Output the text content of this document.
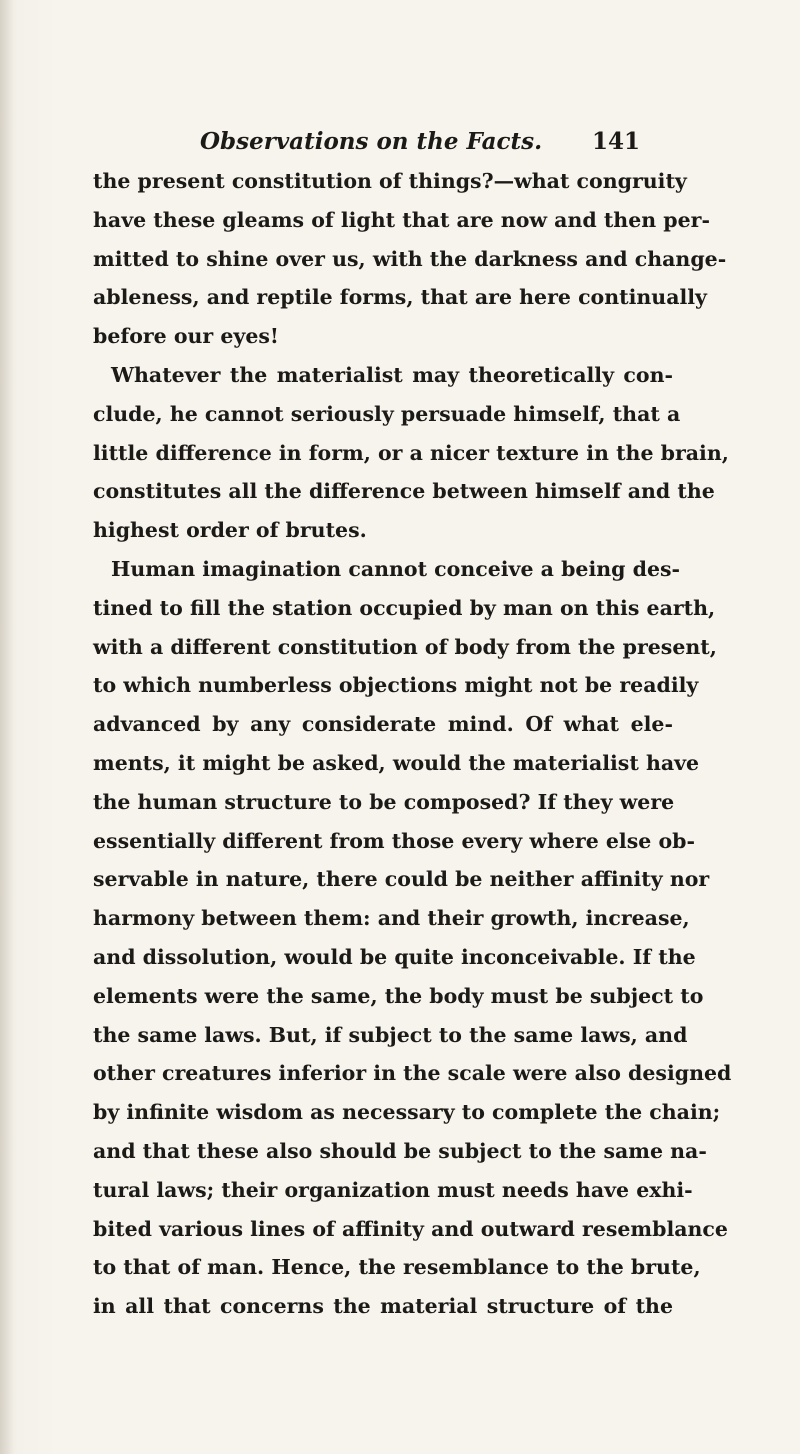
Observations on the Facts. 141
the present constitution of things?—what congruity
have these gleams of light that are now and then per-
mitted to shine over us, with the darkness and change-
ableness, and reptile forms, that are here continually
before our eyes!
Whatever the materialist may theoretically con-
clude, he cannot seriously persuade himself, that a
little difference in form, or a nicer texture in the brain,
constitutes all the difference between himself and the
highest order of brutes.
Human imagination cannot conceive a being des-
tined to fill the station occupied by man on this earth,
with a different constitution of body from the present,
to which numberless objections might not be readily
advanced by any considerate mind. Of what ele-
ments, it might be asked, would the materialist have
the human structure to be composed? If they were
essentially different from those every where else ob-
servable in nature, there could be neither affinity nor
harmony between them: and their growth, increase,
and dissolution, would be quite inconceivable. If the
elements were the same, the body must be subject to
the same laws. But, if subject to the same laws, and
other creatures inferior in the scale were also designed
by infinite wisdom as necessary to complete the chain;
and that these also should be subject to the same na-
tural laws; their organization must needs have exhi-
bited various lines of affinity and outward resemblance
to that of man. Hence, the resemblance to the brute,
in all that concerns the material structure of the
